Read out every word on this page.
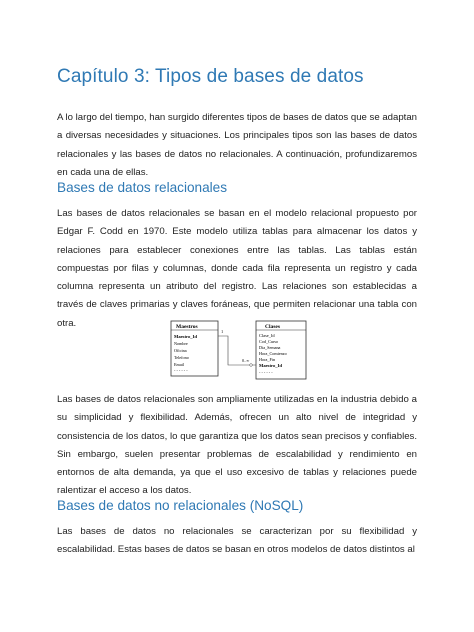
Capítulo 3: Tipos de bases de datos

A lo largo del tiempo, han surgido diferentes tipos de bases de datos que se adaptan a diversas necesidades y situaciones. Los principales tipos son las bases de datos relacionales y las bases de datos no relacionales. A continuación, profundizaremos en cada una de ellas.

Bases de datos relacionales

Las bases de datos relacionales se basan en el modelo relacional propuesto por Edgar F. Codd en 1970. Este modelo utiliza tablas para almacenar los datos y relaciones para establecer conexiones entre las tablas. Las tablas están compuestas por filas y columnas, donde cada fila representa un registro y cada columna representa un atributo del registro. Las relaciones son establecidas a través de claves primarias y claves foráneas, que permiten relacionar una tabla con otra.	Maestros
Maestro_Id
Nombre
Oficina
Telefono
Email
- - - - - -
Clases
Clase_Id
Cod_Curso
Dia_Semana
Hora_Comienzo
Hora_Fin
Maestro_Id
- - - - - -
1
0..∞

Las bases de datos relacionales son ampliamente utilizadas en la industria debido a su simplicidad y flexibilidad. Además, ofrecen un alto nivel de integridad y consistencia de los datos, lo que garantiza que los datos sean precisos y confiables. Sin embargo, suelen presentar problemas de escalabilidad y rendimiento en entornos de alta demanda, ya que el uso excesivo de tablas y relaciones puede ralentizar el acceso a los datos.

Bases de datos no relacionales (NoSQL)

Las bases de datos no relacionales se caracterizan por su flexibilidad y escalabilidad. Estas bases de datos se basan en otros modelos de datos distintos al
